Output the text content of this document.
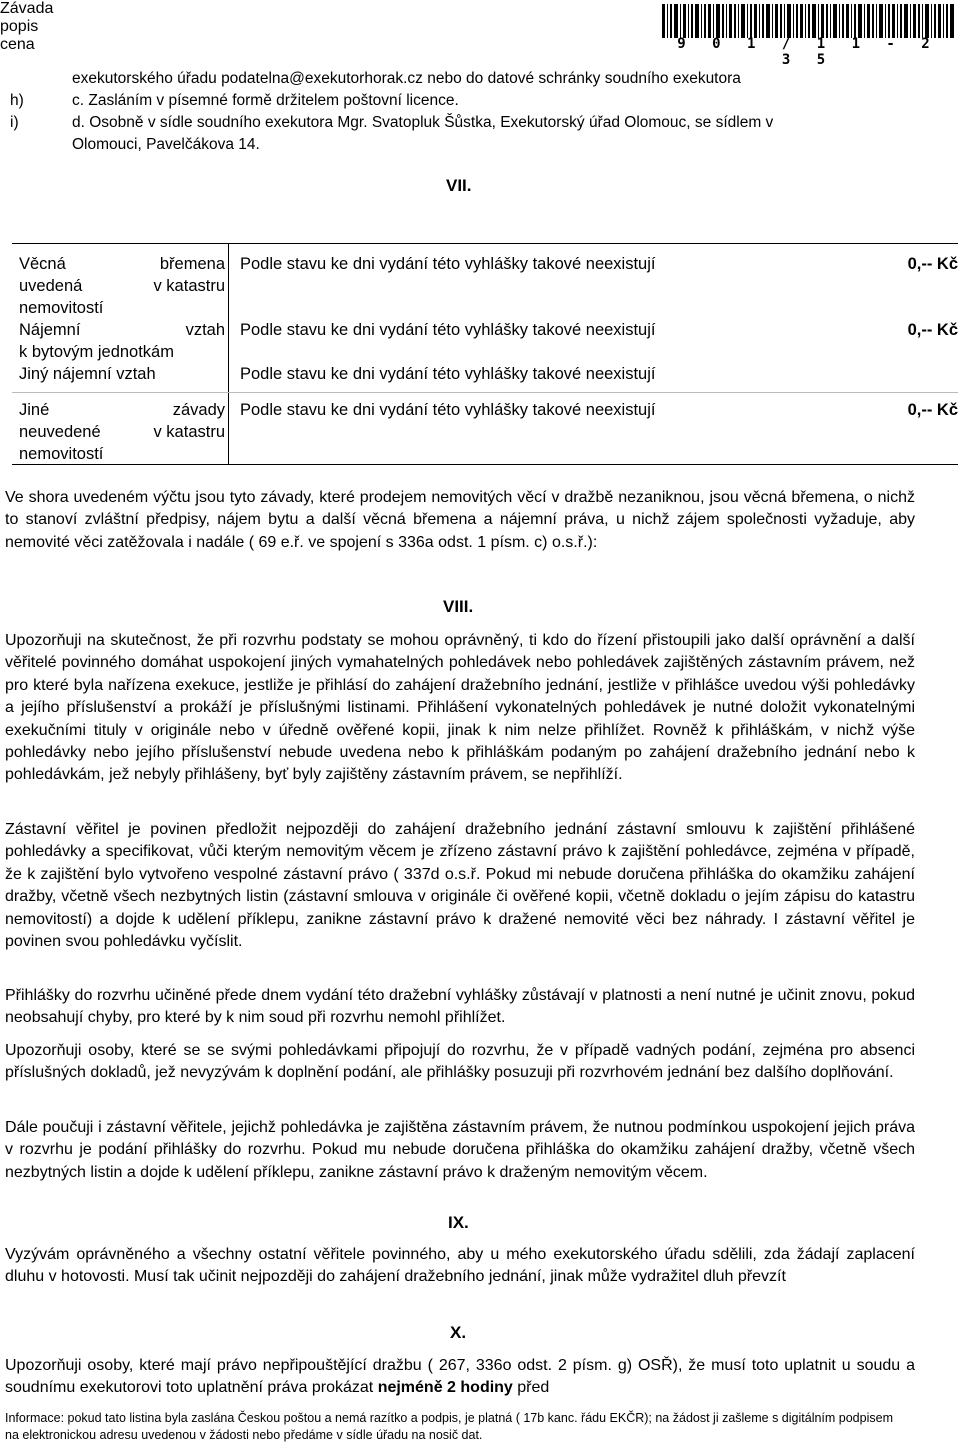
9 0 1 / 1 1 - 2 3 5
exekutorského úřadu podatelna@exekutorhorak.cz nebo do datové schránky soudního exekutora
h)	c. Zasláním v písemné formě držitelem poštovní licence.
i)	d. Osobně v sídle soudního exekutora Mgr. Svatopluk Šůstka, Exekutorský úřad Olomouc, se sídlem v
Olomouci, Pavelčákova 14.
VII.
Závada
popis
cena
Věcná	břemena
uvedená	v katastru
nemovitostí
Podle stavu ke dni vydání této vyhlášky takové neexistují	0,-- Kč
Nájemní	vztah
k bytovým jednotkám
Podle stavu ke dni vydání této vyhlášky takové neexistují	0,-- Kč
Jiný nájemní vztah	Podle stavu ke dni vydání této vyhlášky takové neexistují
Jiné	závady
neuvedené	v katastru
nemovitostí
Podle stavu ke dni vydání této vyhlášky takové neexistují	0,-- Kč
Ve shora uvedeném výčtu jsou tyto závady, které prodejem nemovitých věcí v dražbě nezaniknou, jsou věcná břemena, o nichž to stanoví zvláštní předpisy, nájem bytu a další věcná břemena a nájemní práva, u nichž zájem společnosti vyžaduje, aby nemovité věci zatěžovala i nadále ( 69 e.ř. ve spojení s 336a odst. 1 písm. c) o.s.ř.):
VIII.
Upozorňuji na skutečnost, že při rozvrhu podstaty se mohou oprávněný, ti kdo do řízení přistoupili jako další oprávnění a další věřitelé povinného domáhat uspokojení jiných vymahatelných pohledávek nebo pohledávek zajištěných zástavním právem, než pro které byla nařízena exekuce, jestliže je přihlásí do zahájení dražebního jednání, jestliže v přihlášce uvedou výši pohledávky a jejího příslušenství a prokáží je příslušnými listinami. Přihlášení vykonatelných pohledávek je nutné doložit vykonatelnými exekučními tituly v originále nebo v úředně ověřené kopii, jinak k nim nelze přihlížet. Rovněž k přihláškám, v nichž výše pohledávky nebo jejího příslušenství nebude uvedena nebo k přihláškám podaným po zahájení dražebního jednání nebo k pohledávkám, jež nebyly přihlášeny, byť byly zajištěny zástavním právem, se nepřihlíží.
Zástavní věřitel je povinen předložit nejpozději do zahájení dražebního jednání zástavní smlouvu k zajištění přihlášené pohledávky a specifikovat, vůči kterým nemovitým věcem je zřízeno zástavní právo k zajištění pohledávce, zejména v případě, že k zajištění bylo vytvořeno vespolné zástavní právo ( 337d o.s.ř. Pokud mi nebude doručena přihláška do okamžiku zahájení dražby, včetně všech nezbytných listin (zástavní smlouva v originále či ověřené kopii, včetně dokladu o jejím zápisu do katastru nemovitostí) a dojde k udělení příklepu, zanikne zástavní právo k dražené nemovité věci bez náhrady. I zástavní věřitel je povinen svou pohledávku vyčíslit.
Přihlášky do rozvrhu učiněné přede dnem vydání této dražební vyhlášky zůstávají v platnosti a není nutné je učinit znovu, pokud neobsahují chyby, pro které by k nim soud při rozvrhu nemohl přihlížet.
Upozorňuji osoby, které se se svými pohledávkami připojují do rozvrhu, že v případě vadných podání, zejména pro absenci příslušných dokladů, jež nevyzývám k doplnění podání, ale přihlášky posuzuji při rozvrhovém jednání bez dalšího doplňování.
Dále poučuji i zástavní věřitele, jejichž pohledávka je zajištěna zástavním právem, že nutnou podmínkou uspokojení jejich práva v rozvrhu je podání přihlášky do rozvrhu. Pokud mu nebude doručena přihláška do okamžiku zahájení dražby, včetně všech nezbytných listin a dojde k udělení příklepu, zanikne zástavní právo k draženým nemovitým věcem.
IX.
Vyzývám oprávněného a všechny ostatní věřitele povinného, aby u mého exekutorského úřadu sdělili, zda žádají zaplacení dluhu v hotovosti. Musí tak učinit nejpozději do zahájení dražebního jednání, jinak může vydražitel dluh převzít
X.
Upozorňuji osoby, které mají právo nepřipouštějící dražbu ( 267, 336o odst. 2 písm. g) OSŘ), že musí toto uplatnit u soudu a soudnímu exekutorovi toto uplatnění práva prokázat nejméně 2 hodiny před
Informace: pokud tato listina byla zaslána Českou poštou a nemá razítko a podpis, je platná ( 17b kanc. řádu EKČR); na žádost ji zašleme s digitálním podpisem na elektronickou adresu uvedenou v žádosti nebo předáme v sídle úřadu na nosič dat.
